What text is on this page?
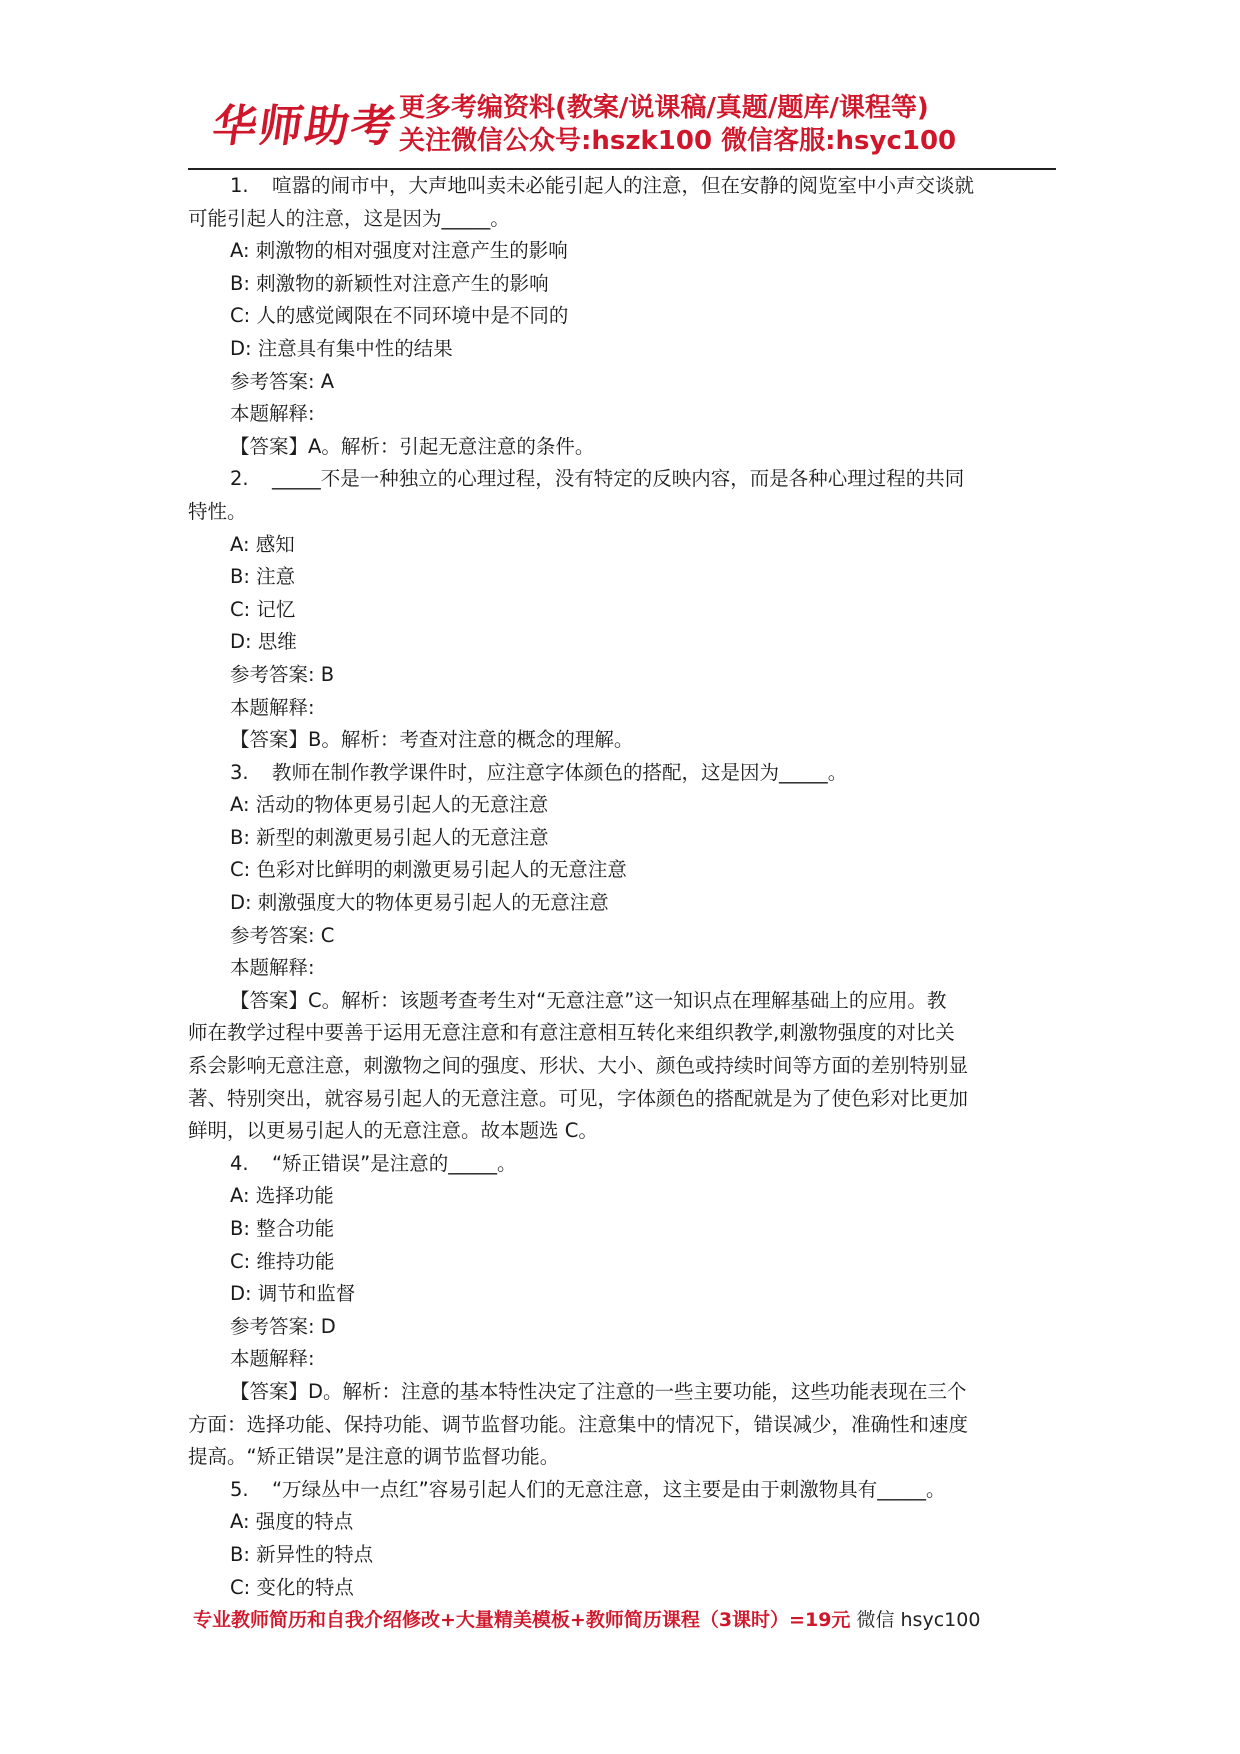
华师助考
更多考编资料(教案/说课稿/真题/题库/课程等)
关注微信公众号:hszk100 微信客服:hsyc100

1. 喧嚣的闹市中，大声地叫卖未必能引起人的注意，但在安静的阅览室中小声交谈就

可能引起人的注意，这是因为_____。

A: 刺激物的相对强度对注意产生的影响

B: 刺激物的新颖性对注意产生的影响

C: 人的感觉阈限在不同环境中是不同的

D: 注意具有集中性的结果

参考答案: A

本题解释:

【答案】A。解析：引起无意注意的条件。

2. _____不是一种独立的心理过程，没有特定的反映内容，而是各种心理过程的共同

特性。

A: 感知

B: 注意

C: 记忆

D: 思维

参考答案: B

本题解释:

【答案】B。解析：考查对注意的概念的理解。

3. 教师在制作教学课件时，应注意字体颜色的搭配，这是因为_____。

A: 活动的物体更易引起人的无意注意

B: 新型的刺激更易引起人的无意注意

C: 色彩对比鲜明的刺激更易引起人的无意注意

D: 刺激强度大的物体更易引起人的无意注意

参考答案: C

本题解释:

【答案】C。解析：该题考查考生对“无意注意”这一知识点在理解基础上的应用。教

师在教学过程中要善于运用无意注意和有意注意相互转化来组织教学,刺激物强度的对比关

系会影响无意注意，刺激物之间的强度、形状、大小、颜色或持续时间等方面的差别特别显

著、特别突出，就容易引起人的无意注意。可见，字体颜色的搭配就是为了使色彩对比更加

鲜明，以更易引起人的无意注意。故本题选 C。

4. “矫正错误”是注意的_____。

A: 选择功能

B: 整合功能

C: 维持功能

D: 调节和监督

参考答案: D

本题解释:

【答案】D。解析：注意的基本特性决定了注意的一些主要功能，这些功能表现在三个

方面：选择功能、保持功能、调节监督功能。注意集中的情况下，错误减少，准确性和速度

提高。“矫正错误”是注意的调节监督功能。

5. “万绿丛中一点红”容易引起人们的无意注意，这主要是由于刺激物具有_____。

A: 强度的特点

B: 新异性的特点

C: 变化的特点

专业教师简历和自我介绍修改+大量精美模板+教师简历课程（3课时）=19元 微信 hsyc100
